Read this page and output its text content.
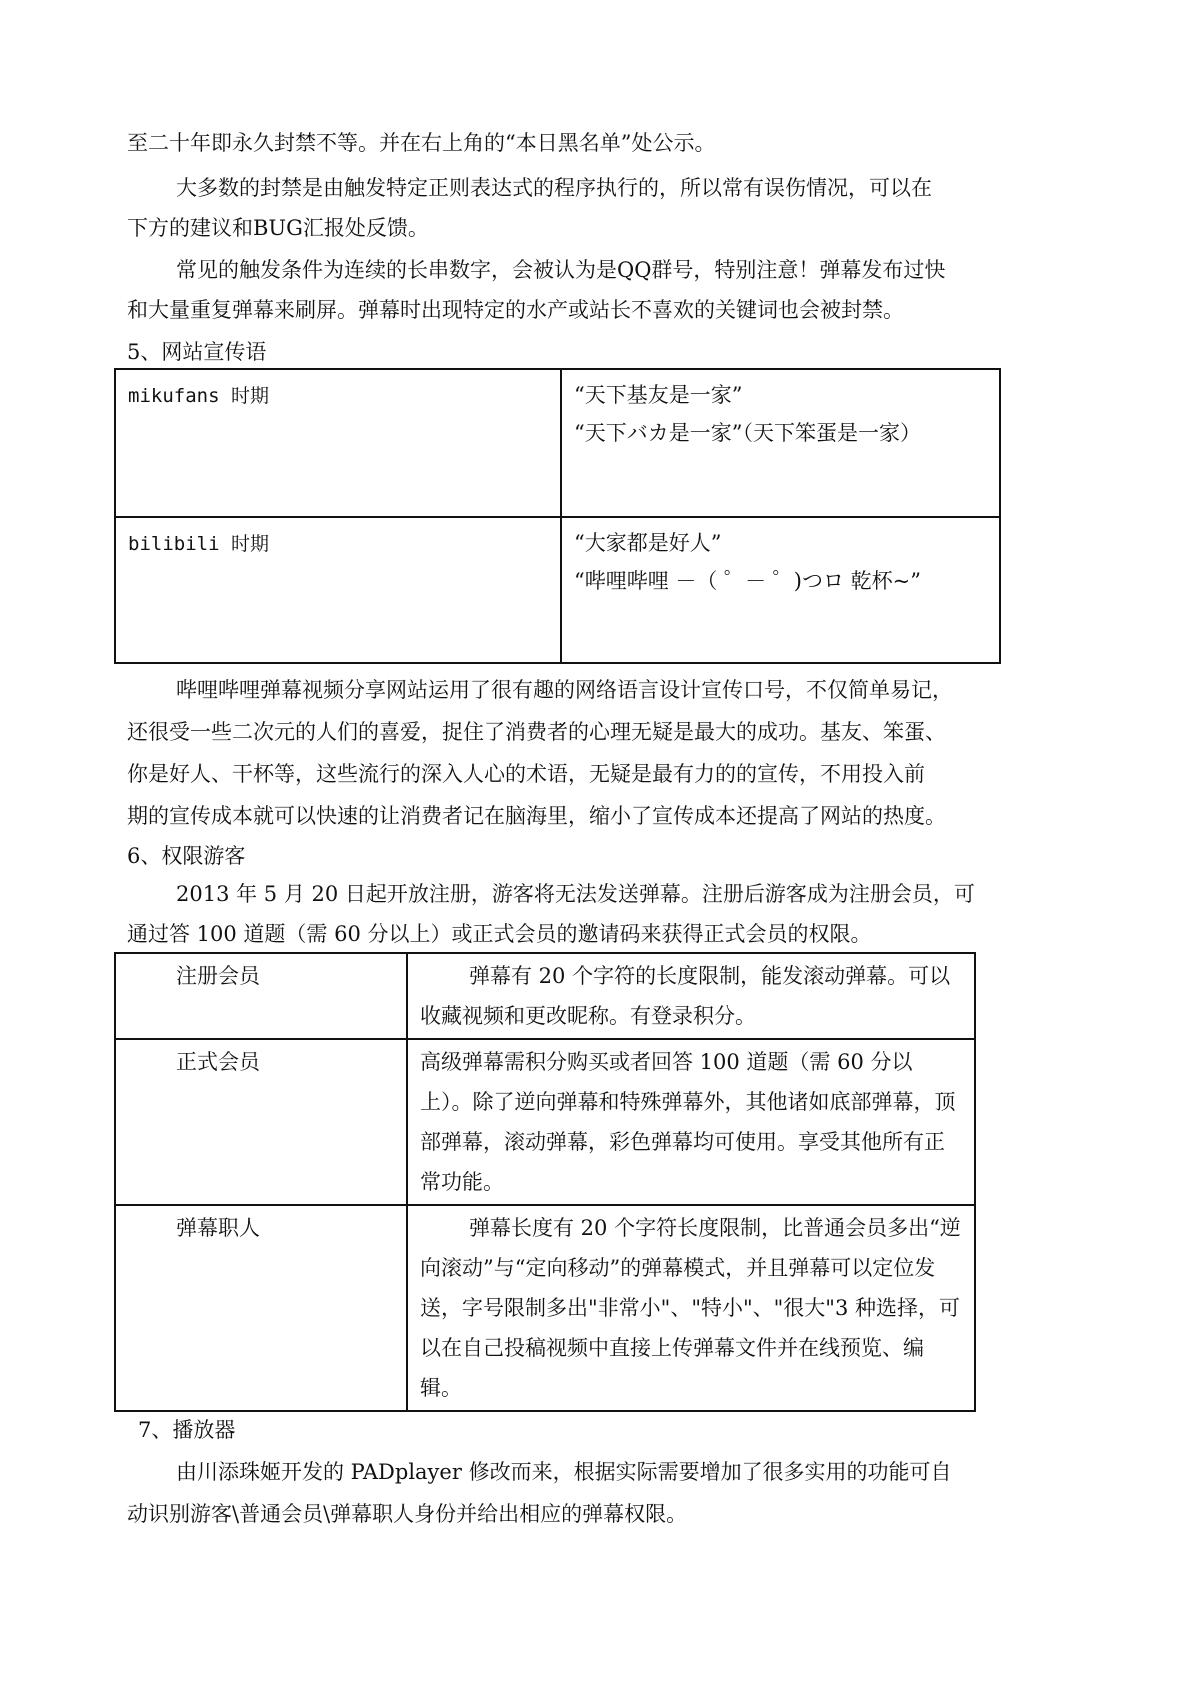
至二十年即永久封禁不等。并在右上角的“本日黑名单”处公示。

大多数的封禁是由触发特定正则表达式的程序执行的，所以常有误伤情况，可以在

下方的建议和BUG汇报处反馈。

常见的触发条件为连续的长串数字，会被认为是QQ群号，特别注意！弹幕发布过快

和大量重复弹幕来刷屏。弹幕时出现特定的水产或站长不喜欢的关键词也会被封禁。

5、网站宣传语

mikufans 时期	“天下基友是一家”
“天下バカ是一家”（天下笨蛋是一家）

bilibili 时期	“大家都是好人”
“哔哩哔哩 －（ ゜－ ゜)つロ 乾杯~”

哔哩哔哩弹幕视频分享网站运用了很有趣的网络语言设计宣传口号，不仅简单易记，

还很受一些二次元的人们的喜爱，捉住了消费者的心理无疑是最大的成功。基友、笨蛋、

你是好人、干杯等，这些流行的深入人心的术语，无疑是最有力的的宣传，不用投入前

期的宣传成本就可以快速的让消费者记在脑海里，缩小了宣传成本还提高了网站的热度。

6、权限游客

2013 年 5 月 20 日起开放注册，游客将无法发送弹幕。注册后游客成为注册会员，可

通过答 100 道题（需 60 分以上）或正式会员的邀请码来获得正式会员的权限。

注册会员	弹幕有 20 个字符的长度限制，能发滚动弹幕。可以收藏视频和更改昵称。有登录积分。
正式会员	高级弹幕需积分购买或者回答 100 道题（需 60 分以上）。除了逆向弹幕和特殊弹幕外，其他诸如底部弹幕，顶部弹幕，滚动弹幕，彩色弹幕均可使用。享受其他所有正常功能。
弹幕职人	弹幕长度有 20 个字符长度限制，比普通会员多出“逆向滚动”与“定向移动”的弹幕模式，并且弹幕可以定位发送，字号限制多出"非常小"、"特小"、"很大"3 种选择，可以在自己投稿视频中直接上传弹幕文件并在线预览、编辑。

7、播放器

由川添珠姬开发的 PADplayer 修改而来，根据实际需要增加了很多实用的功能可自

动识别游客\普通会员\弹幕职人身份并给出相应的弹幕权限。
